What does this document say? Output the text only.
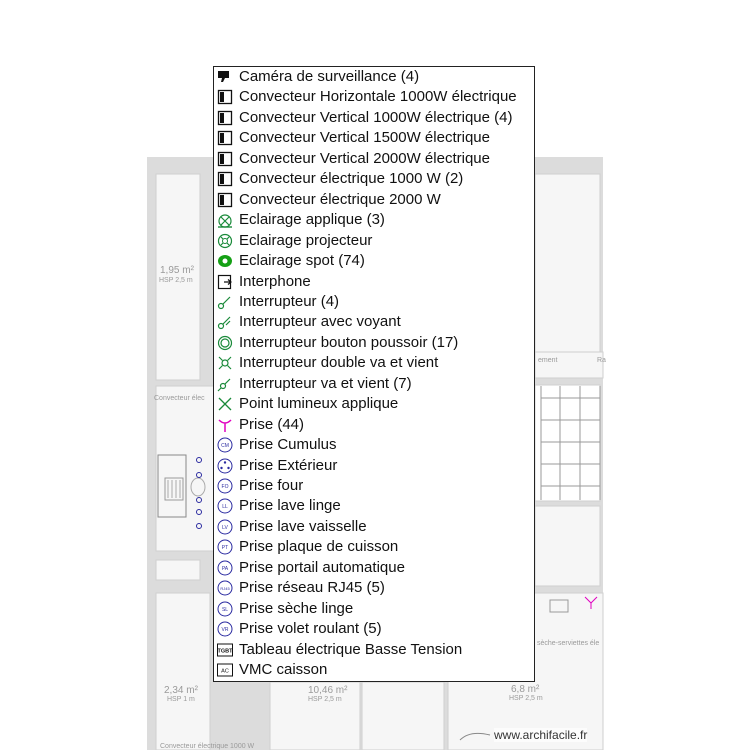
1,95 m²
HSP 2,5 m
2,34 m²
HSP 1 m
10,46 m²
HSP 2,5 m
6,8 m²
HSP 2,5 m
Convecteur élec
ement	Ra
sèche-serviettes éle
Convecteur électrique 1000 W
www.archifacile.fr
Caméra de surveillance (4)
Convecteur Horizontale 1000W électrique
Convecteur Vertical 1000W électrique (4)
Convecteur Vertical 1500W électrique
Convecteur Vertical 2000W électrique
Convecteur électrique 1000 W (2)
Convecteur électrique 2000 W
Eclairage applique (3)
Eclairage projecteur
Eclairage spot (74)
Interphone
Interrupteur (4)
Interrupteur avec voyant
Interrupteur bouton poussoir (17)
Interrupteur double va et vient
Interrupteur va et vient (7)
Point lumineux applique
Prise (44)
CM Prise Cumulus
Prise Extérieur
FO Prise four
LL Prise lave linge
LV Prise lave vaisselle
PT Prise plaque de cuisson
PA Prise portail automatique
RJ45 Prise réseau RJ45 (5)
SL Prise sèche linge
VR Prise volet roulant (5)
TGBT Tableau électrique Basse Tension
AC VMC caisson
